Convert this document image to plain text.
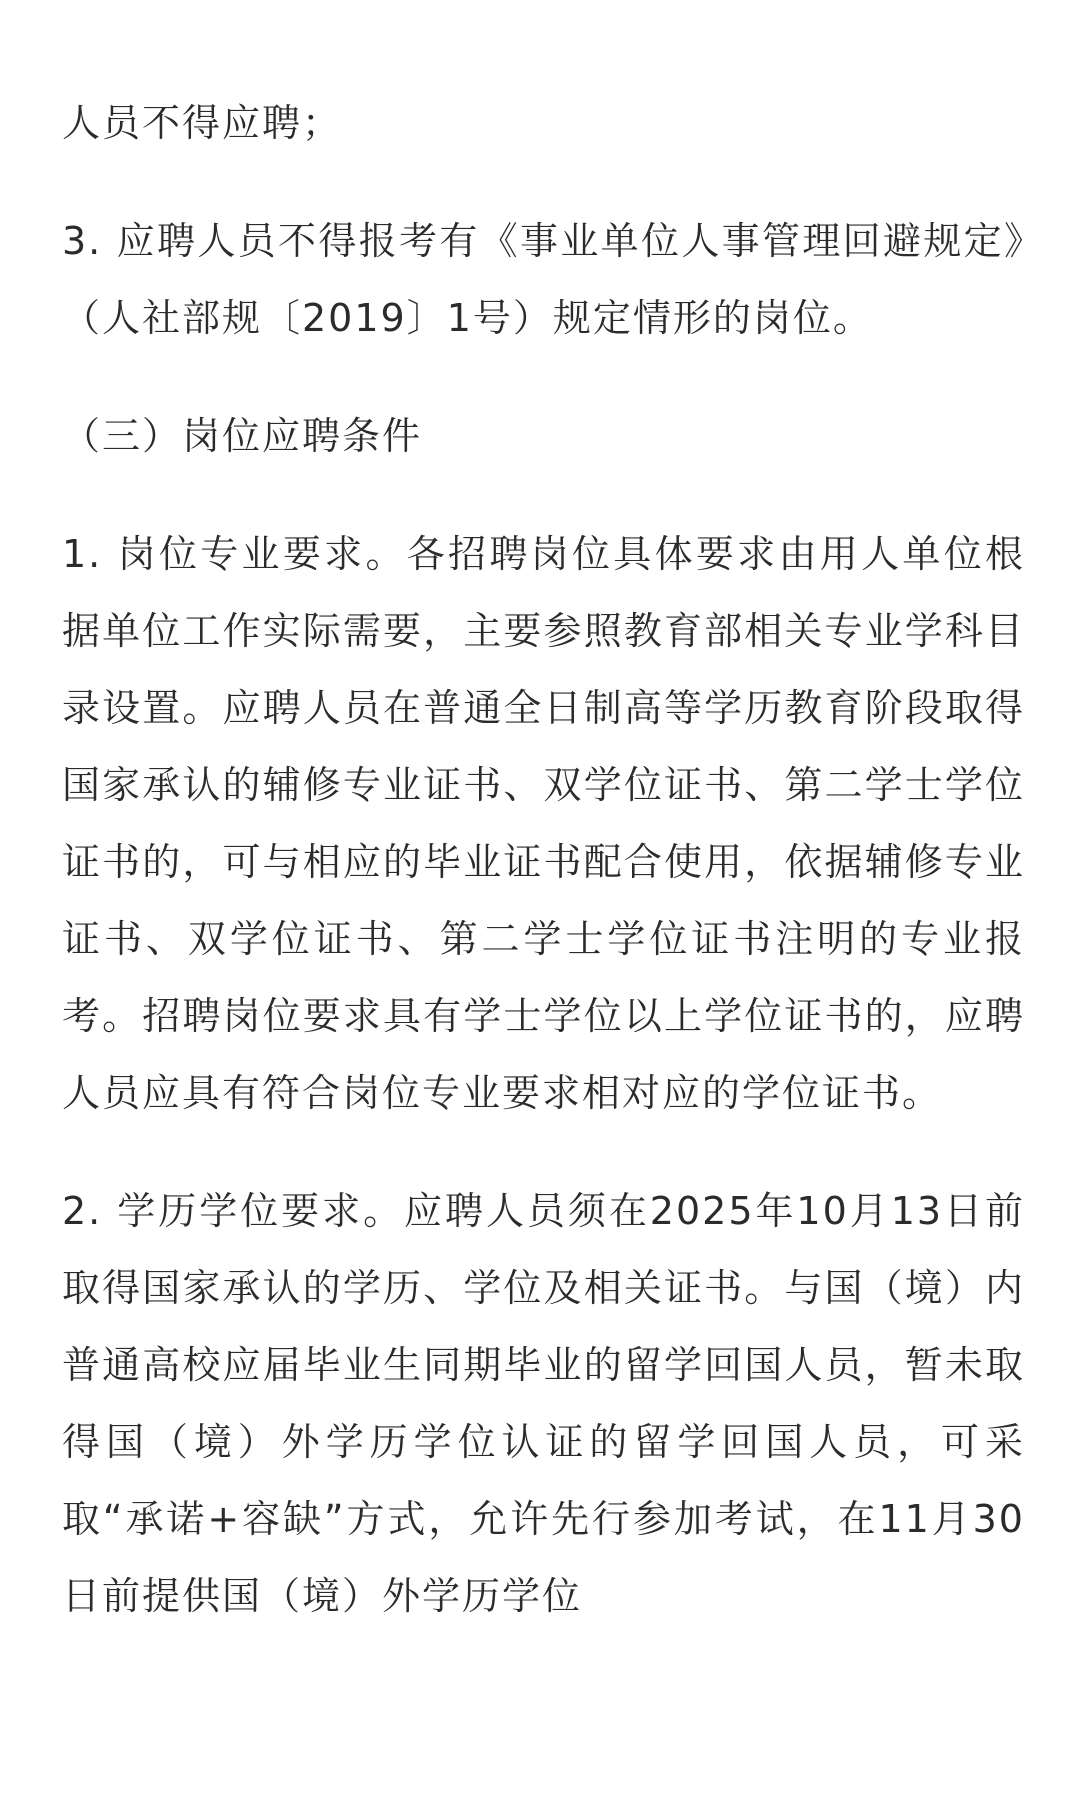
人员不得应聘；

3. 应聘人员不得报考有《事业单位人事管理回避规定》（人社部规〔2019〕1号）规定情形的岗位。

（三）岗位应聘条件

1. 岗位专业要求。各招聘岗位具体要求由用人单位根据单位工作实际需要，主要参照教育部相关专业学科目录设置。应聘人员在普通全日制高等学历教育阶段取得国家承认的辅修专业证书、双学位证书、第二学士学位证书的，可与相应的毕业证书配合使用，依据辅修专业证书、双学位证书、第二学士学位证书注明的专业报考。招聘岗位要求具有学士学位以上学位证书的，应聘人员应具有符合岗位专业要求相对应的学位证书。

2. 学历学位要求。应聘人员须在2025年10月13日前取得国家承认的学历、学位及相关证书。与国（境）内普通高校应届毕业生同期毕业的留学回国人员，暂未取得国（境）外学历学位认证的留学回国人员，可采取“承诺+容缺”方式，允许先行参加考试，在11月30日前提供国（境）外学历学位
